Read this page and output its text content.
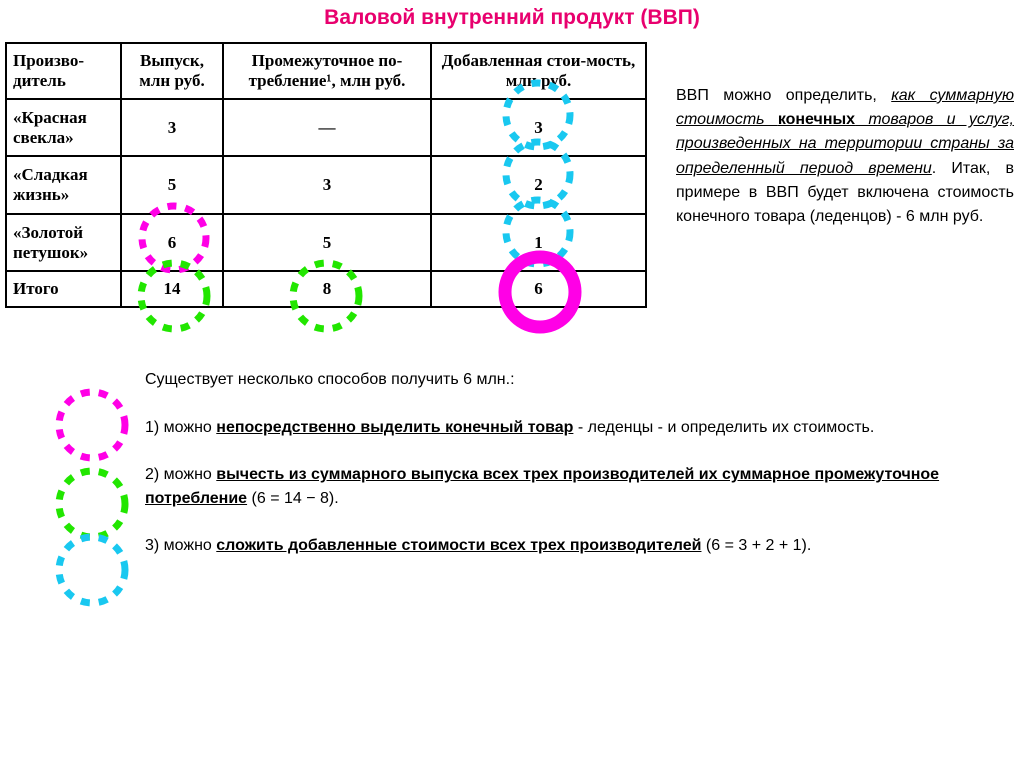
Валовой внутренний продукт (ВВП)
Произво-дитель	Выпуск, млн руб.	Промежуточное по-требление¹, млн руб.	Добавленная стои-мость, млн руб.
«Красная свекла»	3	—	3
«Сладкая жизнь»	5	3	2
«Золотой петушок»	6	5	1
Итого	14	8	6
ВВП можно определить, как суммарную стоимость конечных товаров и услуг, произведенных на территории страны за определенный период времени. Итак, в примере в ВВП будет включена стоимость конечного товара (леденцов) - 6 млн руб.

Существует несколько способов получить 6 млн.:

1) можно непосредственно выделить конечный товар - леденцы - и определить их стоимость.

2) можно вычесть из суммарного выпуска всех трех производителей их суммарное промежуточное потребление (6 = 14 − 8).

3) можно сложить добавленные стоимости всех трех производителей (6 = 3 + 2 + 1).
